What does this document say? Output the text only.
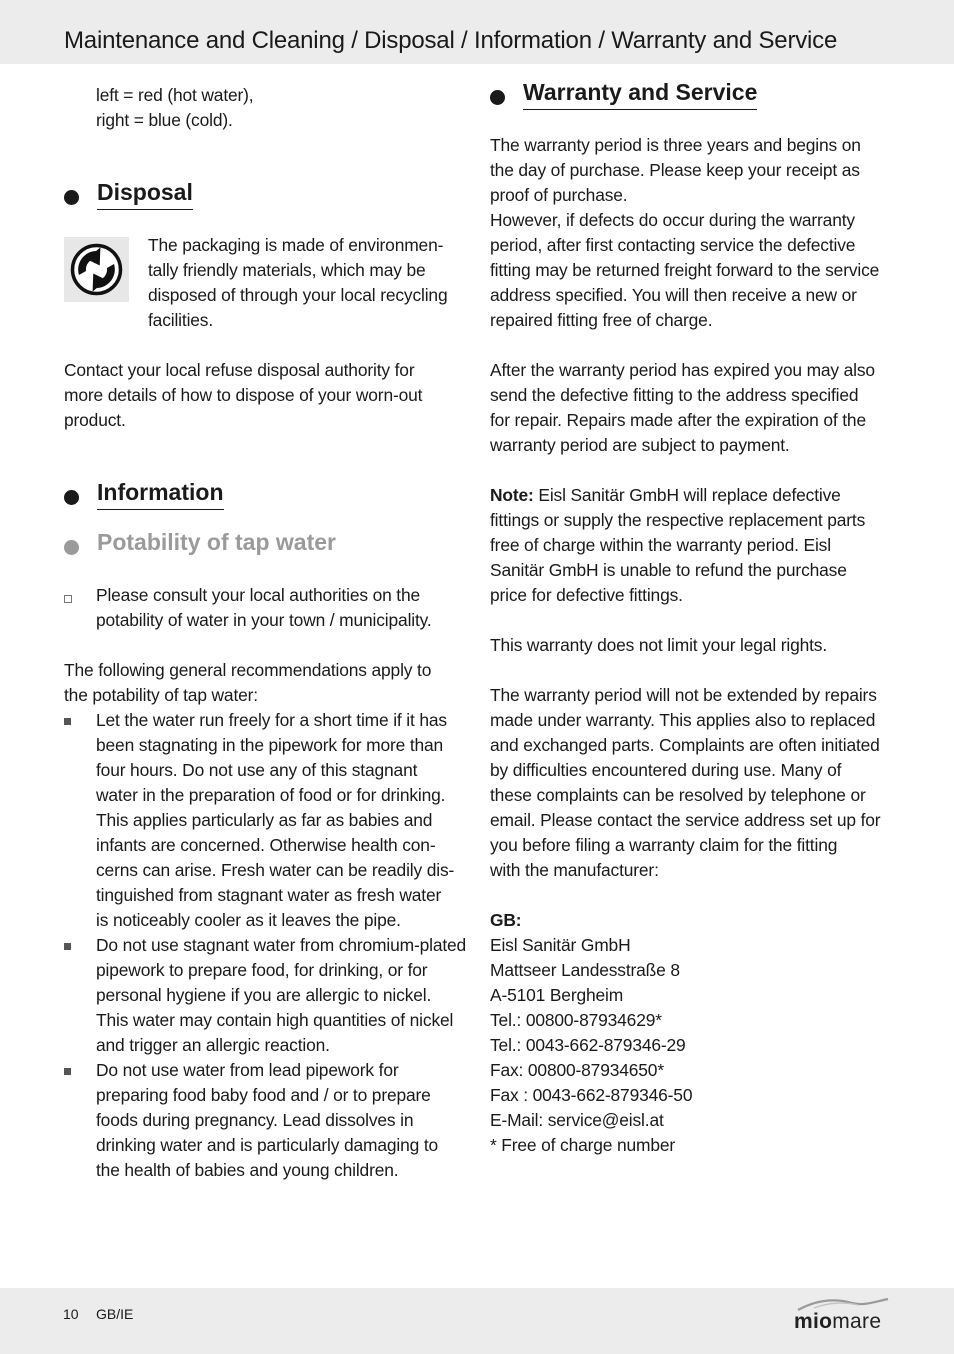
Maintenance and Cleaning / Disposal / Information / Warranty and Service

left = red (hot water),

right = blue (cold).

Disposal

The packaging is made of environmen-

tally friendly materials, which may be

disposed of through your local recycling

facilities.

Contact your local refuse disposal authority for

more details of how to dispose of your worn-out

product.

Information
Potability of tap water

Please consult your local authorities on the

potability of water in your town / municipality.

The following general recommendations apply to

the potability of tap water:

Let the water run freely for a short time if it has

been stagnating in the pipework for more than

four hours. Do not use any of this stagnant

water in the preparation of food or for drinking.

This applies particularly as far as babies and

infants are concerned. Otherwise health con-

cerns can arise. Fresh water can be readily dis-

tinguished from stagnant water as fresh water

is noticeably cooler as it leaves the pipe.

Do not use stagnant water from chromium-plated

pipework to prepare food, for drinking, or for

personal hygiene if you are allergic to nickel.

This water may contain high quantities of nickel

and trigger an allergic reaction.

Do not use water from lead pipework for

preparing food baby food and / or to prepare

foods during pregnancy. Lead dissolves in

drinking water and is particularly damaging to

the health of babies and young children.

Warranty and Service

The warranty period is three years and begins on

the day of purchase. Please keep your receipt as

proof of purchase.

However, if defects do occur during the warranty

period, after first contacting service the defective

fitting may be returned freight forward to the service

address specified. You will then receive a new or

repaired fitting free of charge.

After the warranty period has expired you may also

send the defective fitting to the address specified

for repair. Repairs made after the expiration of the

warranty period are subject to payment.

Note: Eisl Sanitär GmbH will replace defective

fittings or supply the respective replacement parts

free of charge within the warranty period. Eisl

Sanitär GmbH is unable to refund the purchase

price for defective fittings.

This warranty does not limit your legal rights.

The warranty period will not be extended by repairs

made under warranty. This applies also to replaced

and exchanged parts. Complaints are often initiated

by difficulties encountered during use. Many of

these complaints can be resolved by telephone or

email. Please contact the service address set up for

you before filing a warranty claim for the fitting

with the manufacturer:

GB:

Eisl Sanitär GmbH

Mattseer Landesstraße 8

A-5101 Bergheim

Tel.: 00800-87934629*

Tel.: 0043-662-879346-29

Fax: 00800-87934650*

Fax : 0043-662-879346-50

E-Mail: service@eisl.at

* Free of charge number

10 GB/IE	miomare
